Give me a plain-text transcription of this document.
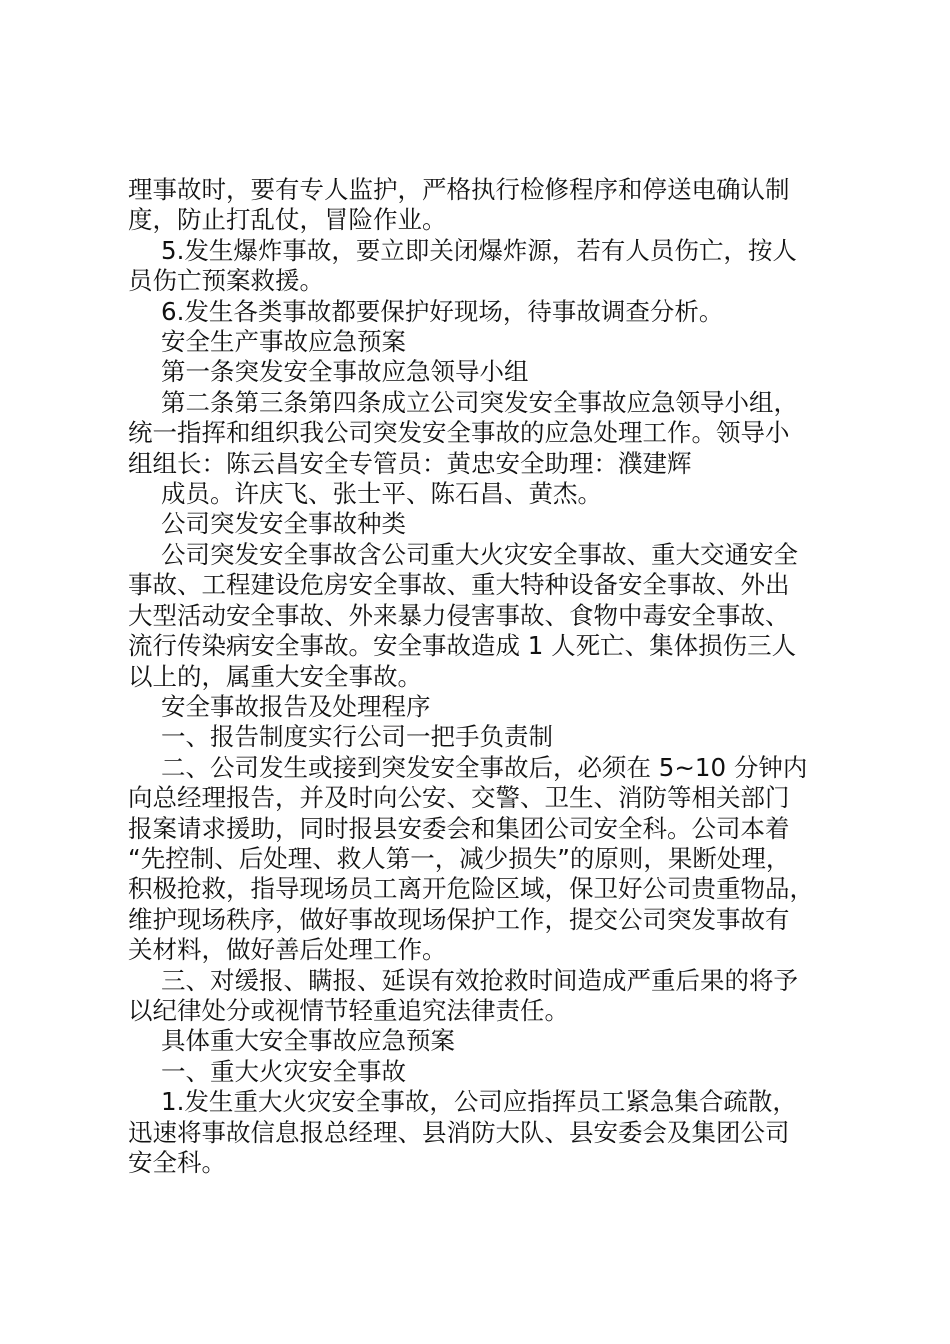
理事故时，要有专人监护，严格执行检修程序和停送电确认制
度，防止打乱仗，冒险作业。

5.发生爆炸事故，要立即关闭爆炸源，若有人员伤亡，按人
员伤亡预案救援。

6.发生各类事故都要保护好现场，待事故调查分析。

安全生产事故应急预案

第一条突发安全事故应急领导小组

第二条第三条第四条成立公司突发安全事故应急领导小组，
统一指挥和组织我公司突发安全事故的应急处理工作。领导小
组组长：陈云昌安全专管员：黄忠安全助理：濮建辉

成员。许庆飞、张士平、陈石昌、黄杰。

公司突发安全事故种类

公司突发安全事故含公司重大火灾安全事故、重大交通安全
事故、工程建设危房安全事故、重大特种设备安全事故、外出
大型活动安全事故、外来暴力侵害事故、食物中毒安全事故、
流行传染病安全事故。安全事故造成 1 人死亡、集体损伤三人
以上的，属重大安全事故。

安全事故报告及处理程序

一、报告制度实行公司一把手负责制

二、公司发生或接到突发安全事故后，必须在 5~10 分钟内
向总经理报告，并及时向公安、交警、卫生、消防等相关部门
报案请求援助，同时报县安委会和集团公司安全科。公司本着
“先控制、后处理、救人第一，减少损失”的原则，果断处理，
积极抢救，指导现场员工离开危险区域，保卫好公司贵重物品，
维护现场秩序，做好事故现场保护工作，提交公司突发事故有
关材料，做好善后处理工作。

三、对缓报、瞒报、延误有效抢救时间造成严重后果的将予
以纪律处分或视情节轻重追究法律责任。

具体重大安全事故应急预案

一、重大火灾安全事故

1.发生重大火灾安全事故，公司应指挥员工紧急集合疏散，
迅速将事故信息报总经理、县消防大队、县安委会及集团公司
安全科。
